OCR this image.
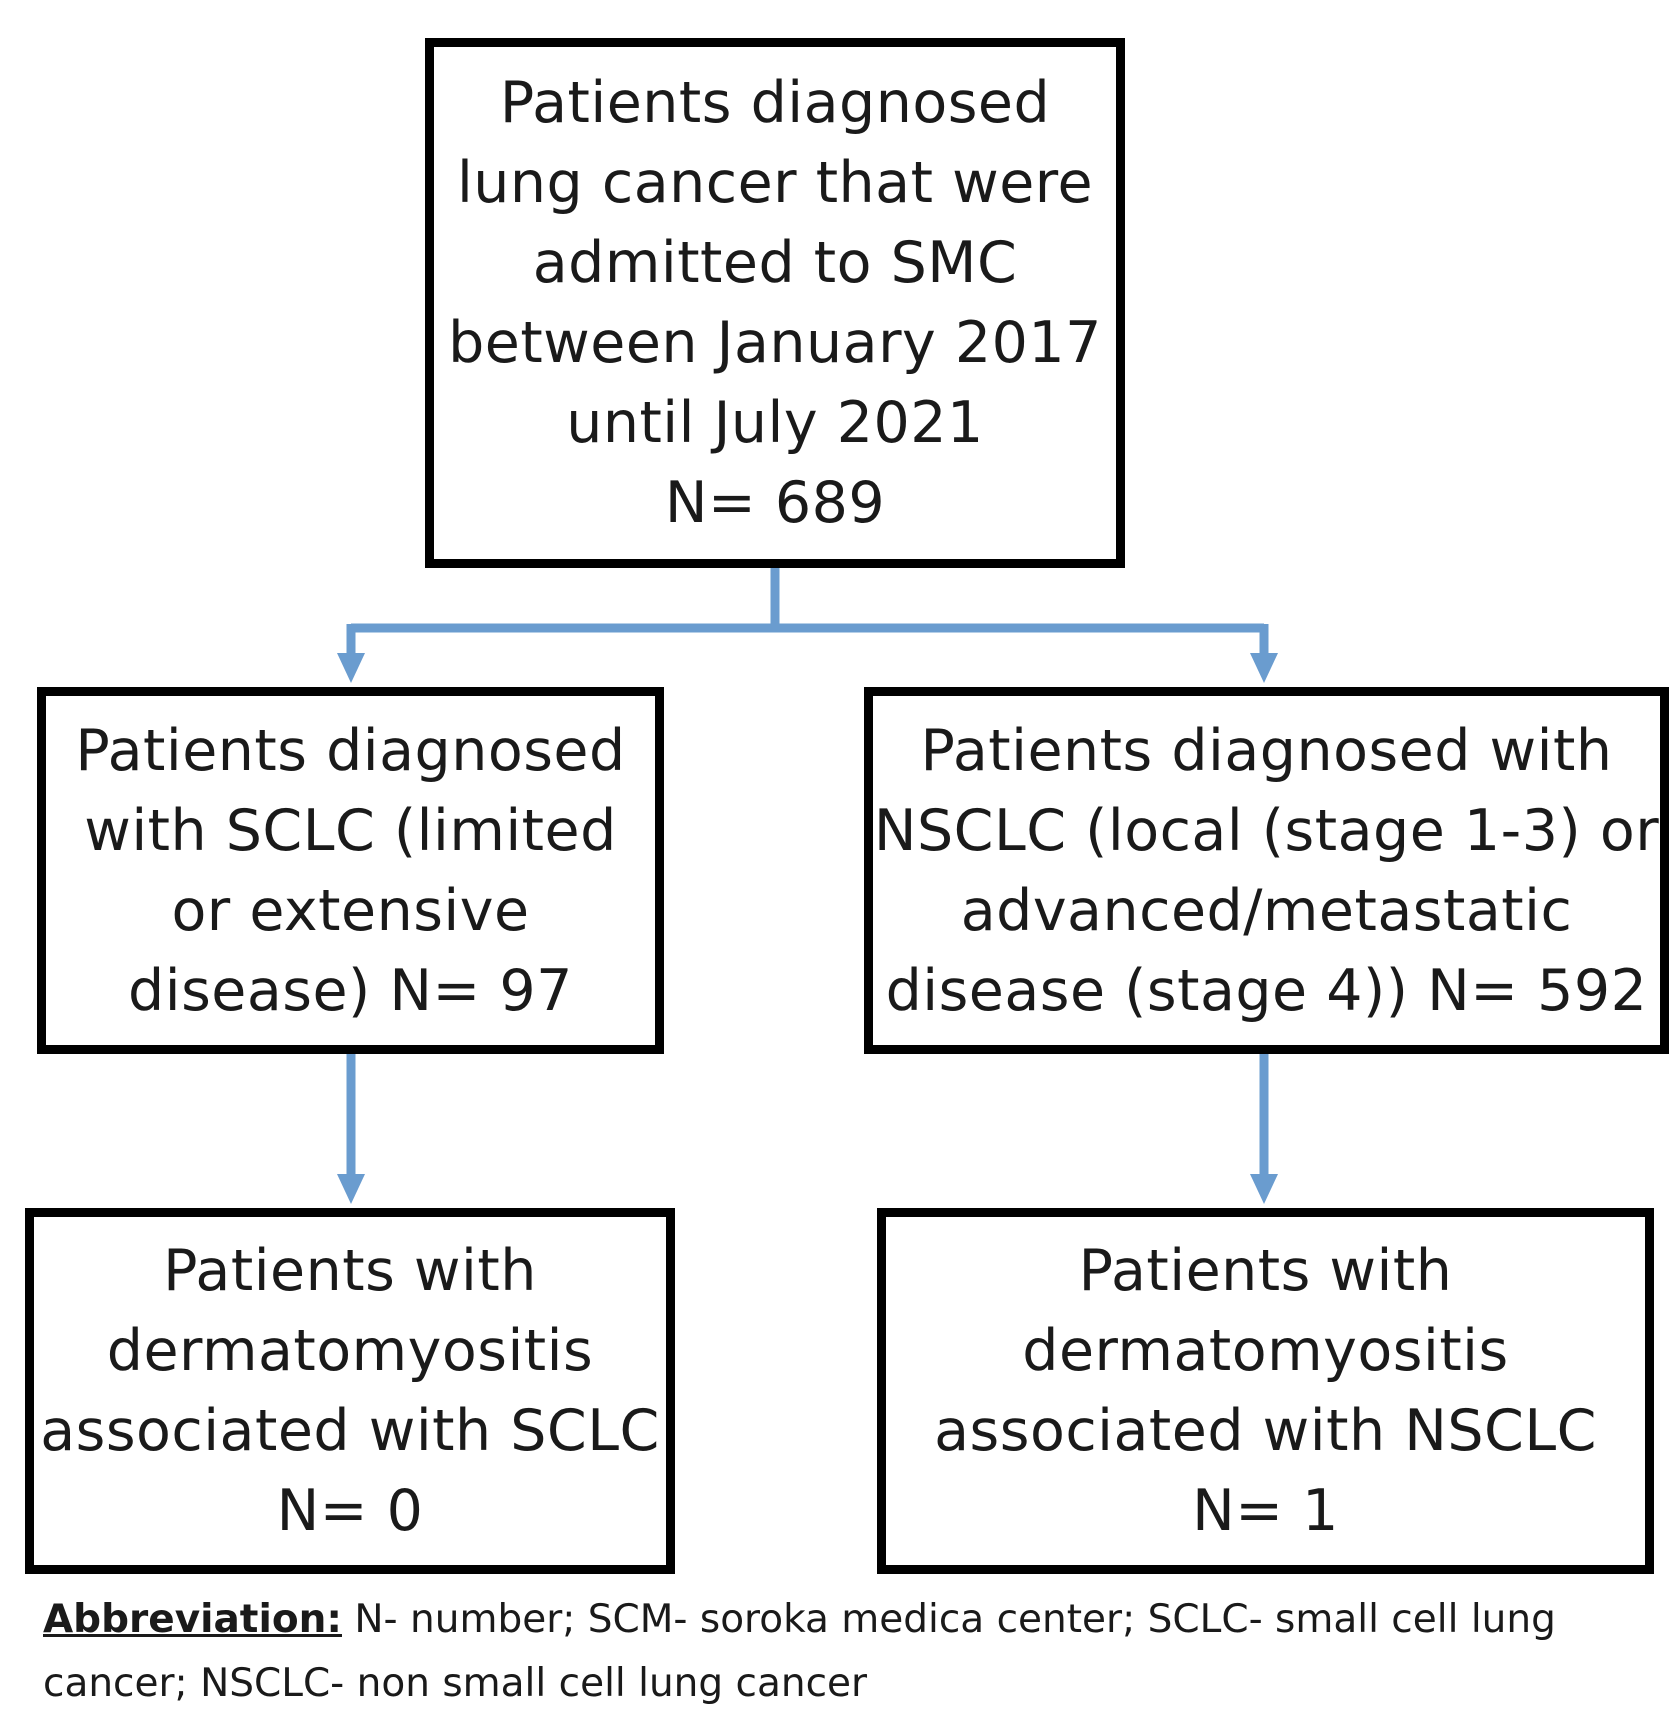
Patients diagnosed
lung cancer that were
admitted to SMC
between January 2017
until July 2021
N= 689
Patients diagnosed
with SCLC (limited
or extensive
disease) N= 97
Patients diagnosed with
NSCLC (local (stage 1-3) or
advanced/metastatic
disease (stage 4)) N= 592
Patients with
dermatomyositis
associated with SCLC
N= 0
Patients with
dermatomyositis
associated with NSCLC
N= 1
Abbreviation: N- number; SCM- soroka medica center; SCLC- small cell lung cancer; NSCLC- non small cell lung cancer
